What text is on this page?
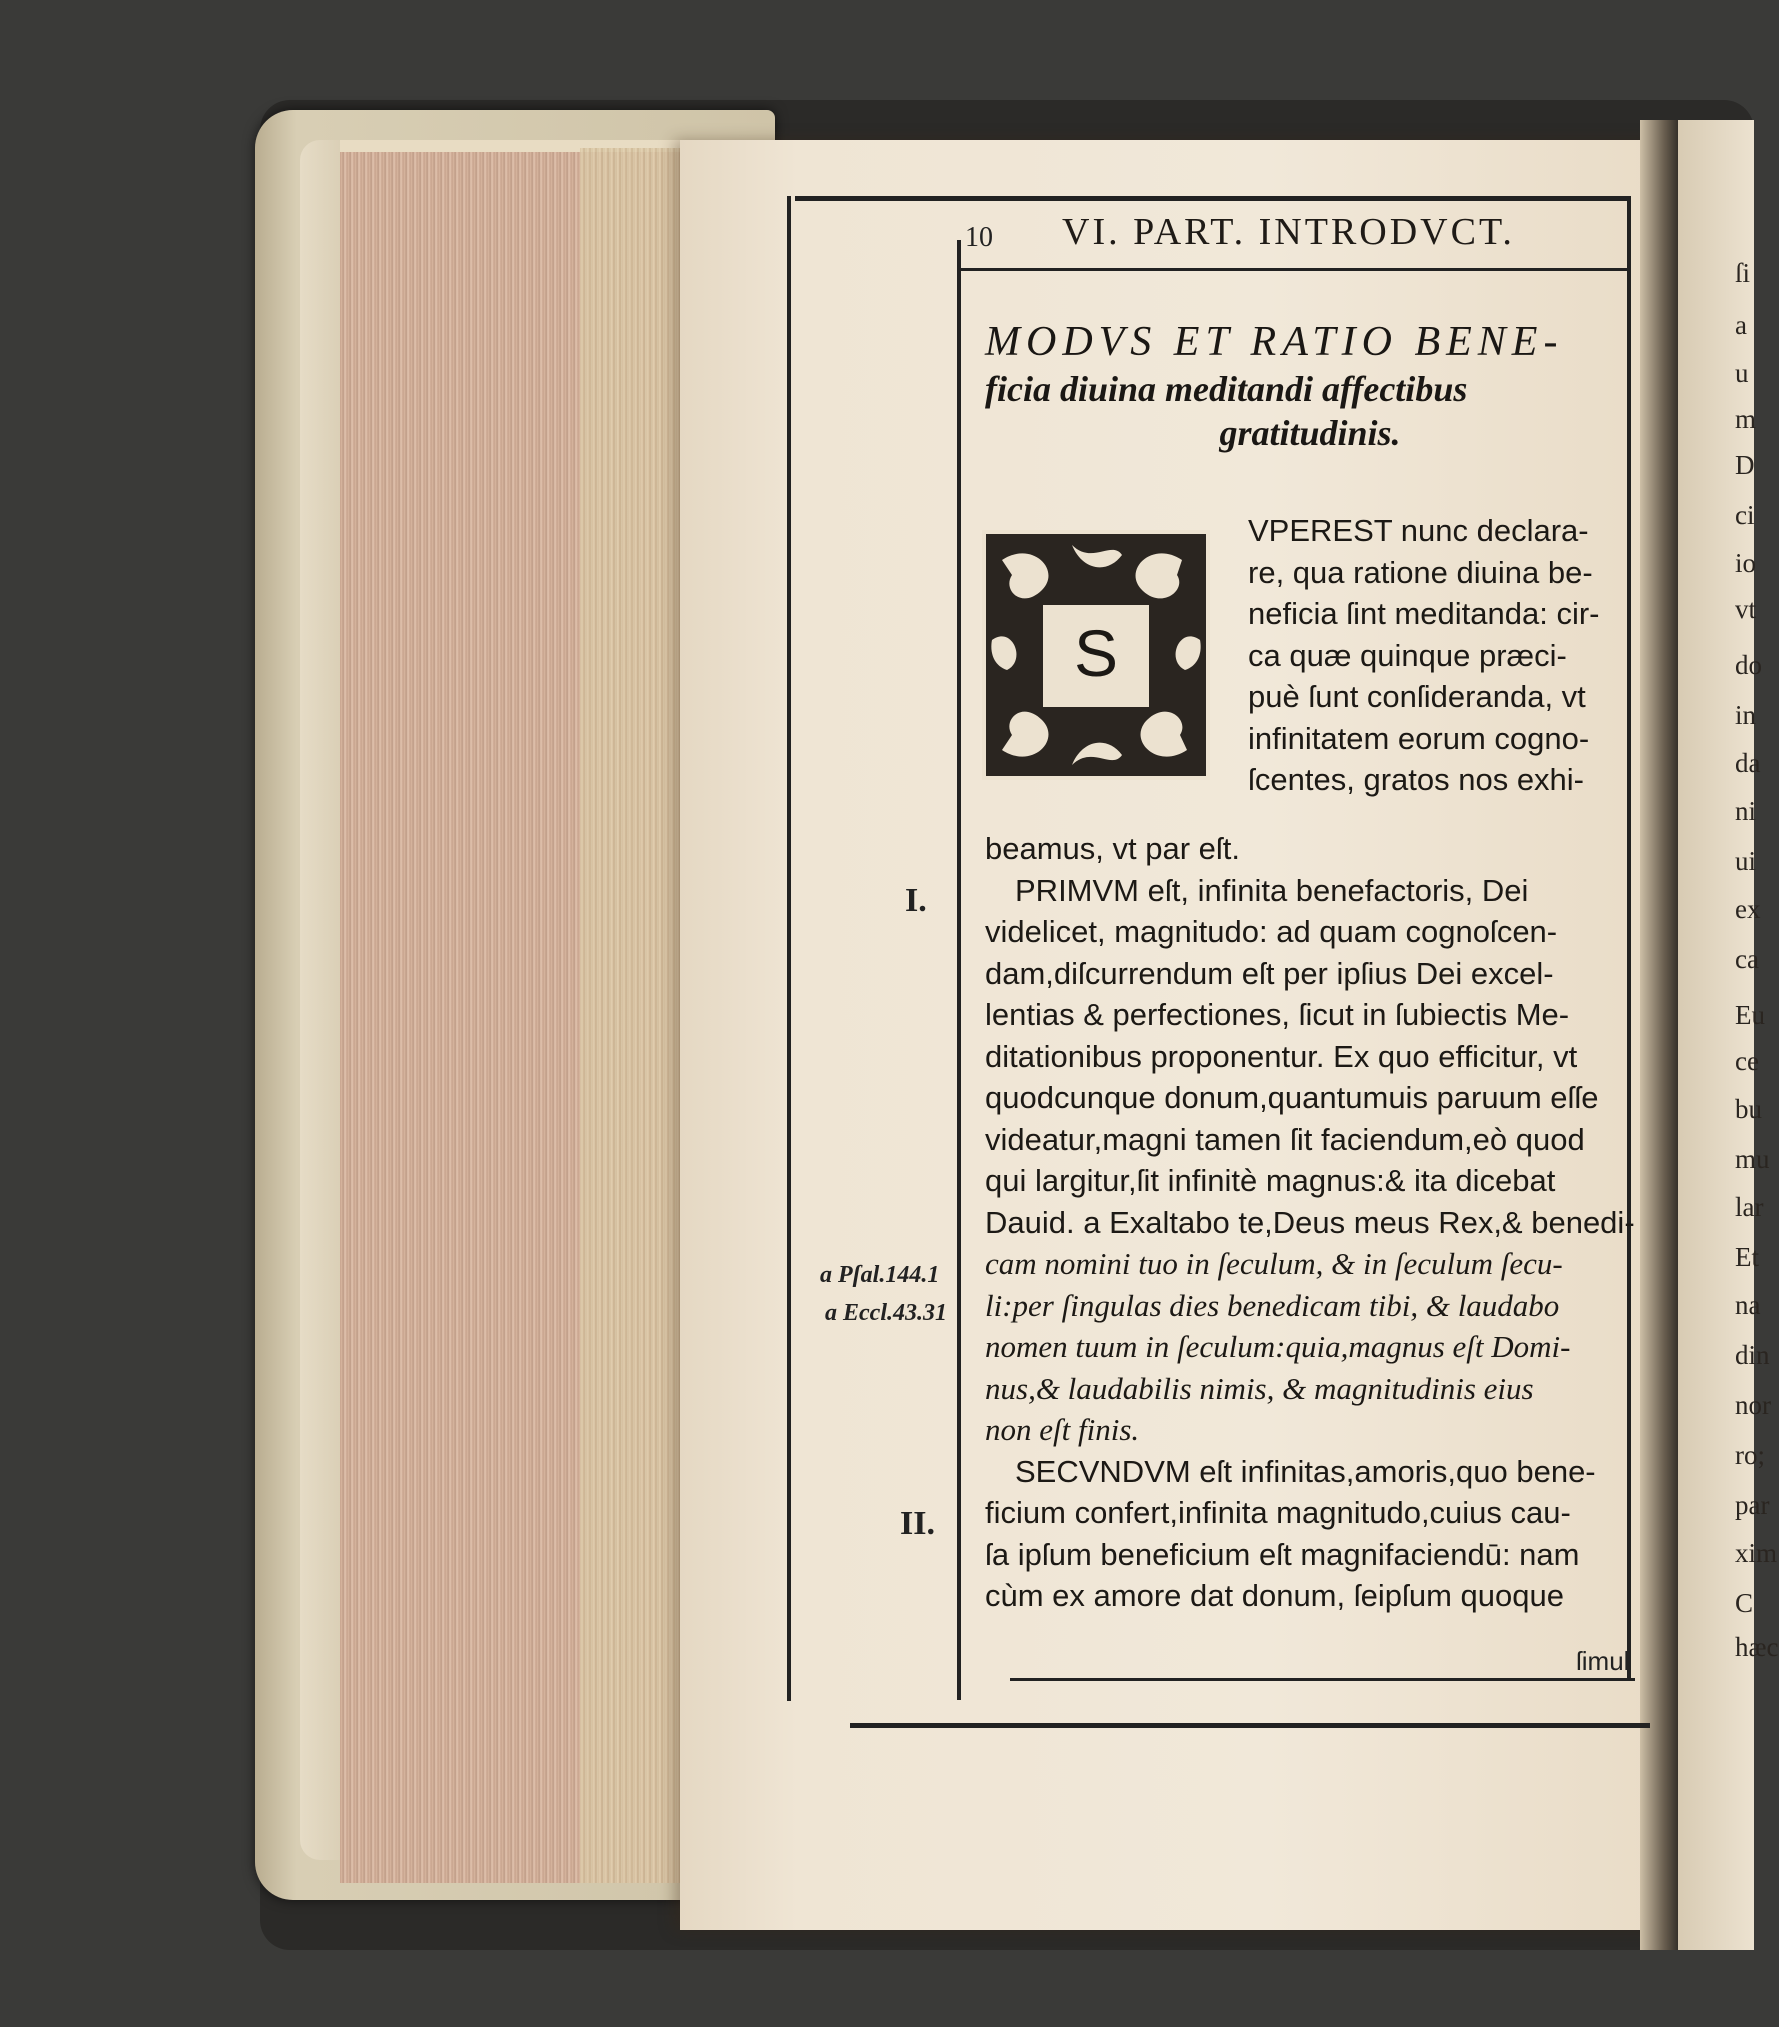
ſi
a
u
m
D
ci
io
vt
do
in
da
ni
ui
ex
ca
Eu
ce
bu
mu
lar
Et
na
din
nor
ro;
par
xim
C
hæc
10 VI. PART. INTRODVCT.
MODVS ET RATIO BENE-
ficia diuina meditandi affectibus
gratitudinis.
S
VPEREST nunc declara-
re, qua ratione diuina be-
neficia ſint meditanda: cir-
ca quæ quinque præci-
puè ſunt conſideranda, vt
infinitatem eorum cogno-
ſcentes, gratos nos exhi-
beamus, vt par eſt.
PRIMVM eſt, infinita benefactoris, Dei
videlicet, magnitudo: ad quam cognoſcen-
dam,diſcurrendum eſt per ipſius Dei excel-
lentias & perfectiones, ſicut in ſubiectis Me-
ditationibus proponentur. Ex quo efficitur, vt
quodcunque donum,quantumuis paruum eſſe
videatur,magni tamen ſit faciendum,eò quod
qui largitur,ſit infinitè magnus:& ita dicebat
Dauid. a Exaltabo te,Deus meus Rex,& benedi-
cam nomini tuo in ſeculum, & in ſeculum ſecu-
li:per ſingulas dies benedicam tibi, & laudabo
nomen tuum in ſeculum:quia,magnus eſt Domi-
nus,& laudabilis nimis, & magnitudinis eius
non eſt finis.
SECVNDVM eſt infinitas,amoris,quo bene-
ficium confert,infinita magnitudo,cuius cau-
ſa ipſum beneficium eſt magnifaciendū: nam
cùm ex amore dat donum, ſeipſum quoque
I.
II.
a Pſal.144.1
a Eccl.43.31
ſimul
